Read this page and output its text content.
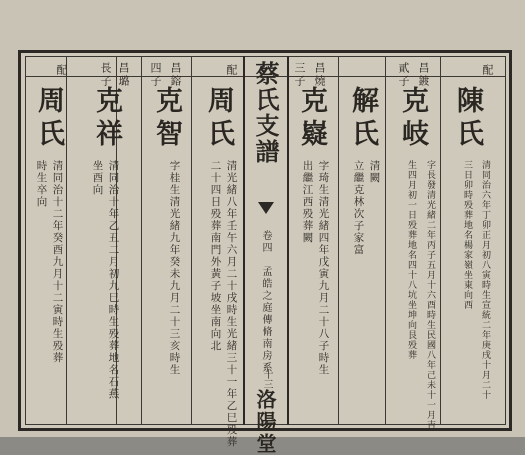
配
周氏
時生卒向 清同治十二年癸酉九月十二寅時生殁葬
長子 昌璐
克祥
清同治十年乙丑二月初九巳時生殁葬地名石燕
坐酉向
四子 昌鎔
克智
字桂生清光緒九年癸未九月二十三亥時生
配
周氏
清光緒八年壬午六月二十戌時生光緒三十一年乙巳殁葬
二十四日殁葬南門外黃子坡坐南向北
蔡氏支譜
卷四　孟皓之庭傳脩南房系
十三
洛陽堂
三子 昌燒
克嶷
字琦生清光緒四年戊寅九月二十八子時生
出繼江西殁葬闕
解氏
清闕
立繼克林次子家富
貳子 昌鍍
克岐
字長發清光緒二年丙子五月十六酉時生民國八年己未十一月吉
生四月初一日殁葬地名四十八坑坐坤向艮殁葬
配
陳氏
清同治六年丁卯正月初八寅時生宣統二年庚戌十月二十
三日卯時殁葬地名楊家嶺坐東向西
